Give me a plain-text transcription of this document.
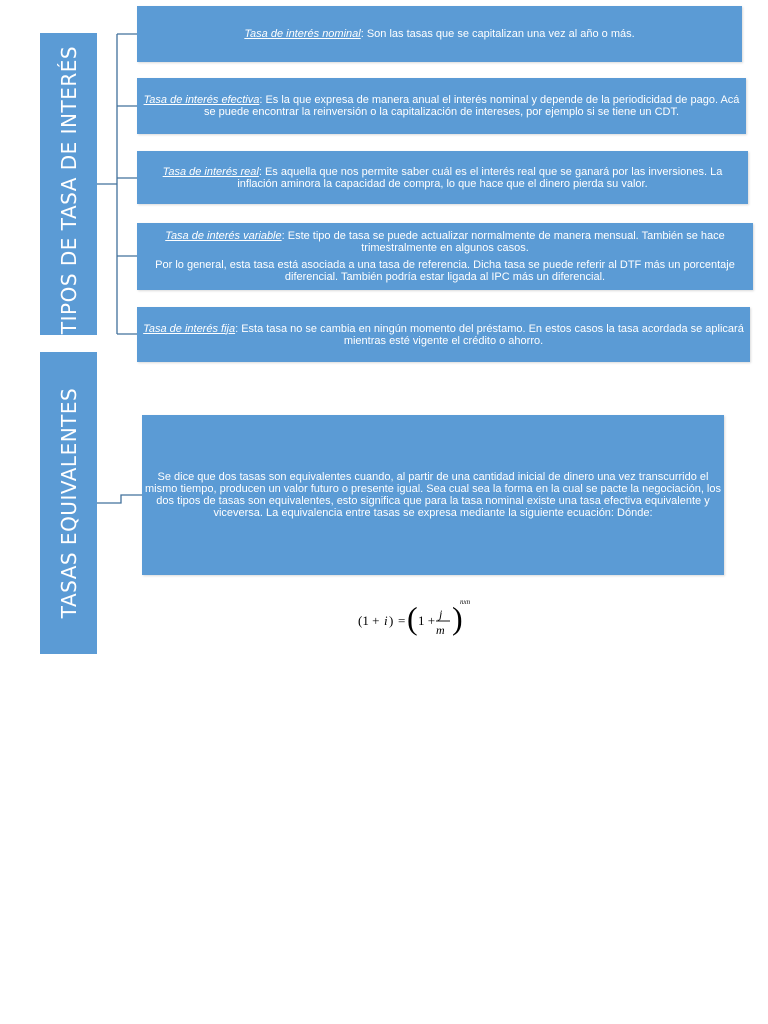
TIPOS DE TASA DE INTERÉS
TASAS EQUIVALENTES

Tasa de interés nominal: Son las tasas que se capitalizan una vez al año o más.

Tasa de interés efectiva: Es la que expresa de manera anual el interés nominal y depende de la periodicidad de pago. Acá se puede encontrar la reinversión o la capitalización de intereses, por ejemplo si se tiene un CDT.

Tasa de interés real: Es aquella que nos permite saber cuál es el interés real que se ganará por las inversiones. La inflación aminora la capacidad de compra, lo que hace que el dinero pierda su valor.

Tasa de interés variable: Este tipo de tasa se puede actualizar normalmente de manera mensual. También se hace trimestralmente en algunos casos.

Por lo general, esta tasa está asociada a una tasa de referencia. Dicha tasa se puede referir al DTF más un porcentaje diferencial. También podría estar ligada al IPC más un diferencial.

Tasa de interés fija: Esta tasa no se cambia en ningún momento del préstamo. En estos casos la tasa acordada se aplicará mientras esté vigente el crédito o ahorro.

Se dice que dos tasas son equivalentes cuando, al partir de una cantidad inicial de dinero una vez transcurrido el mismo tiempo, producen un valor futuro o presente igual. Sea cual sea la forma en la cual se pacte la negociación, los dos tipos de tasas son equivalentes, esto significa que para la tasa nominal existe una tasa efectiva equivalente y viceversa. La equivalencia entre tasas se expresa mediante la siguiente ecuación: Dónde:

(1 + i ) = ( 1 + j
m )
nxn
